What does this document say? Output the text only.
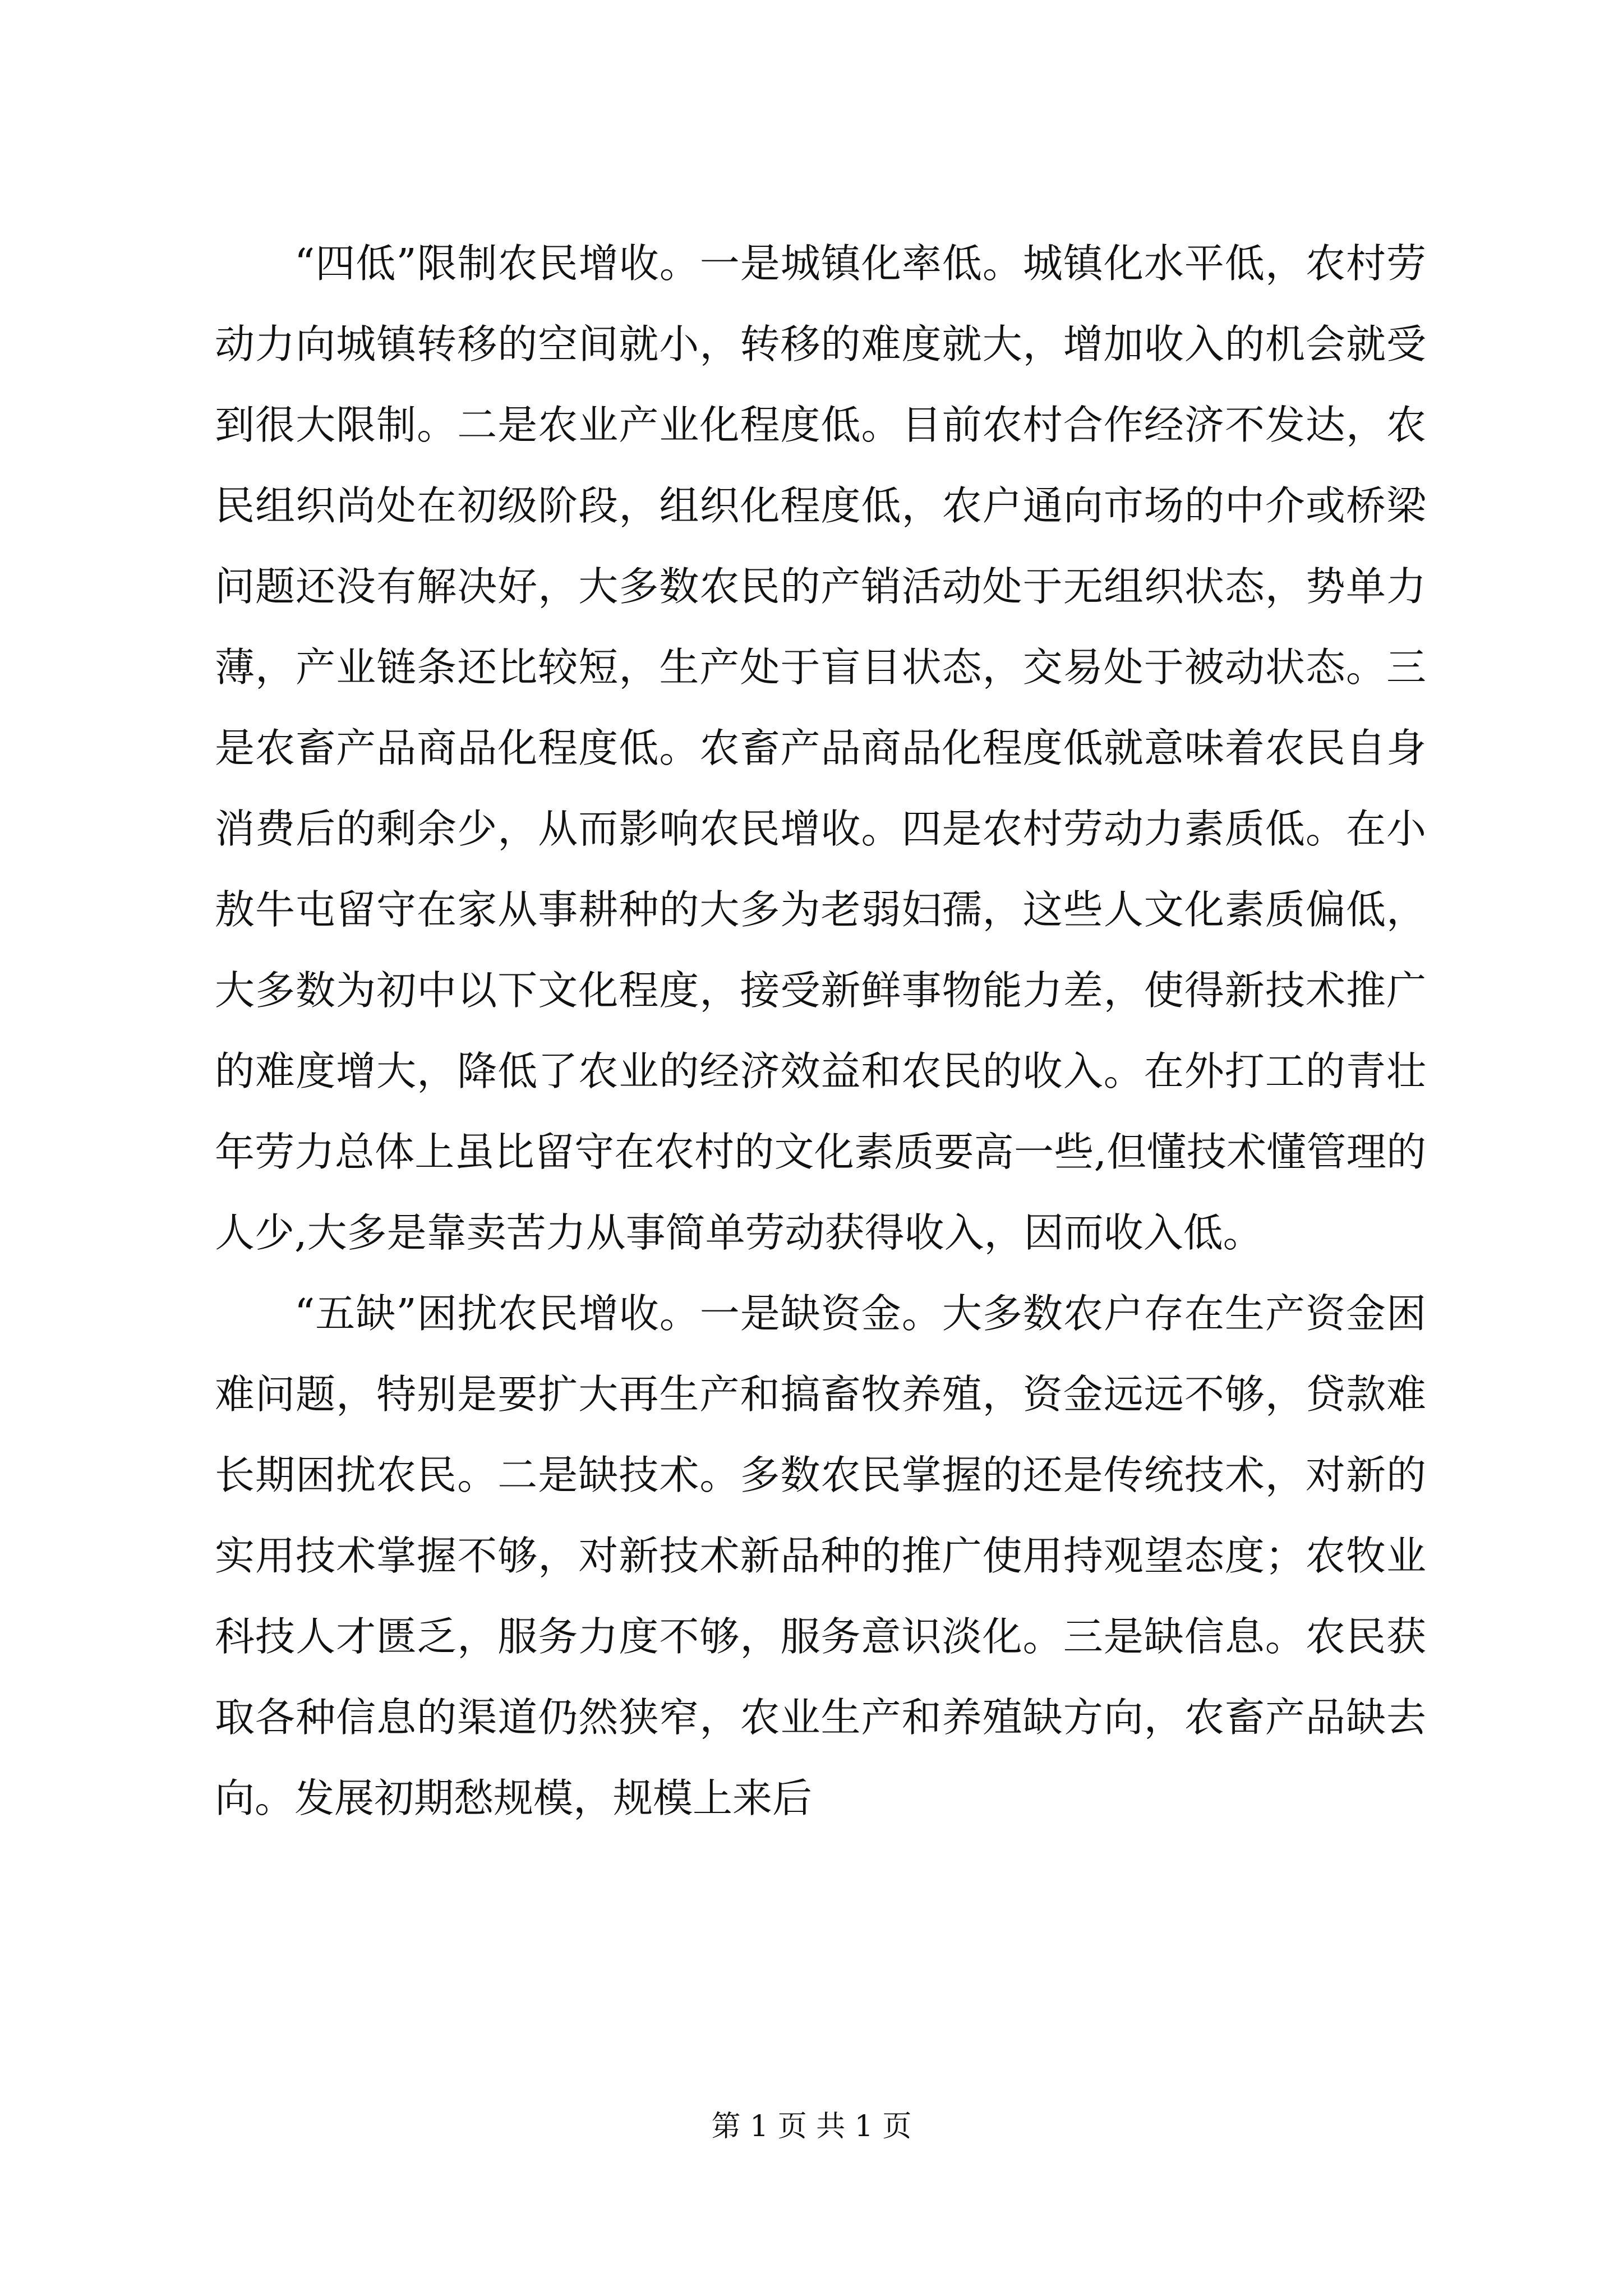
“四低”限制农民增收。一是城镇化率低。城镇化水平低，农村劳动力向城镇转移的空间就小，转移的难度就大，增加收入的机会就受到很大限制。二是农业产业化程度低。目前农村合作经济不发达，农民组织尚处在初级阶段，组织化程度低，农户通向市场的中介或桥梁问题还没有解决好，大多数农民的产销活动处于无组织状态，势单力薄，产业链条还比较短，生产处于盲目状态，交易处于被动状态。三是农畜产品商品化程度低。农畜产品商品化程度低就意味着农民自身消费后的剩余少，从而影响农民增收。四是农村劳动力素质低。在小敖牛屯留守在家从事耕种的大多为老弱妇孺，这些人文化素质偏低，大多数为初中以下文化程度，接受新鲜事物能力差，使得新技术推广的难度增大，降低了农业的经济效益和农民的收入。在外打工的青壮年劳力总体上虽比留守在农村的文化素质要高一些,但懂技术懂管理的人少,大多是靠卖苦力从事简单劳动获得收入，因而收入低。

“五缺”困扰农民增收。一是缺资金。大多数农户存在生产资金困难问题，特别是要扩大再生产和搞畜牧养殖，资金远远不够，贷款难长期困扰农民。二是缺技术。多数农民掌握的还是传统技术，对新的实用技术掌握不够，对新技术新品种的推广使用持观望态度；农牧业科技人才匮乏，服务力度不够，服务意识淡化。三是缺信息。农民获取各种信息的渠道仍然狭窄，农业生产和养殖缺方向，农畜产品缺去向。发展初期愁规模，规模上来后

第 1 页 共 1 页
